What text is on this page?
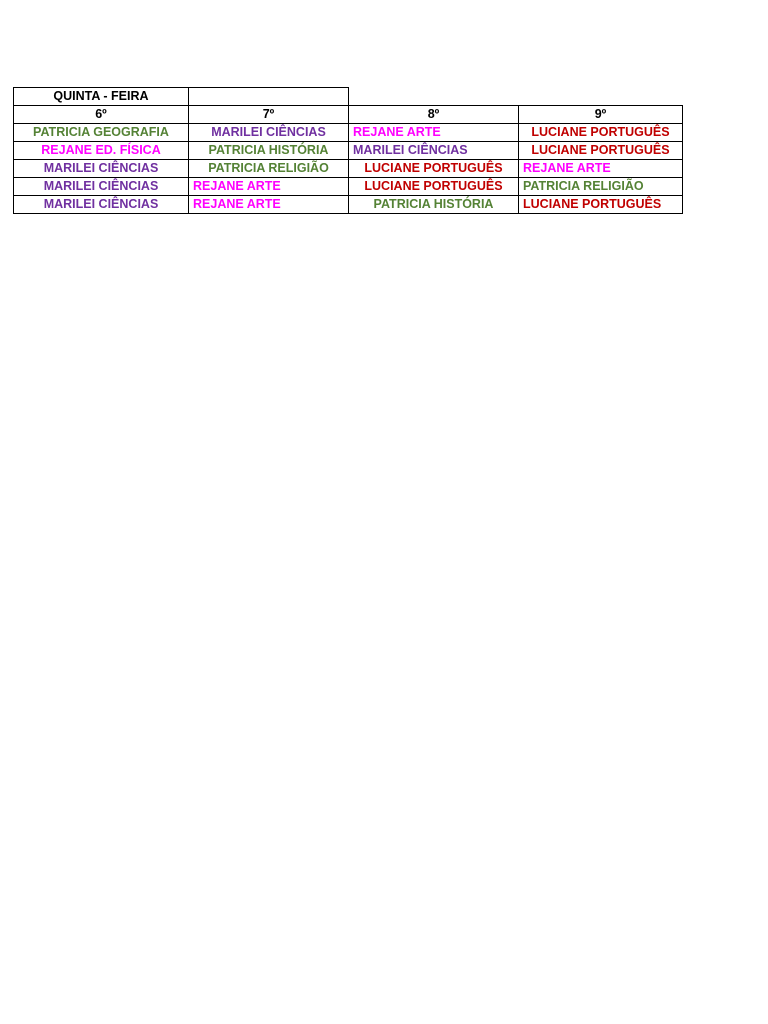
QUINTA - FEIRA			
6º	7º	8º	9º
PATRICIA GEOGRAFIA	MARILEI CIÊNCIAS	REJANE ARTE	LUCIANE PORTUGUÊS
REJANE ED. FÍSICA	PATRICIA HISTÓRIA	MARILEI CIÊNCIAS	LUCIANE PORTUGUÊS
MARILEI CIÊNCIAS	PATRICIA RELIGIÃO	LUCIANE PORTUGUÊS	REJANE ARTE
MARILEI CIÊNCIAS	REJANE ARTE	LUCIANE PORTUGUÊS	PATRICIA RELIGIÃO
MARILEI CIÊNCIAS	REJANE ARTE	PATRICIA HISTÓRIA	LUCIANE PORTUGUÊS
